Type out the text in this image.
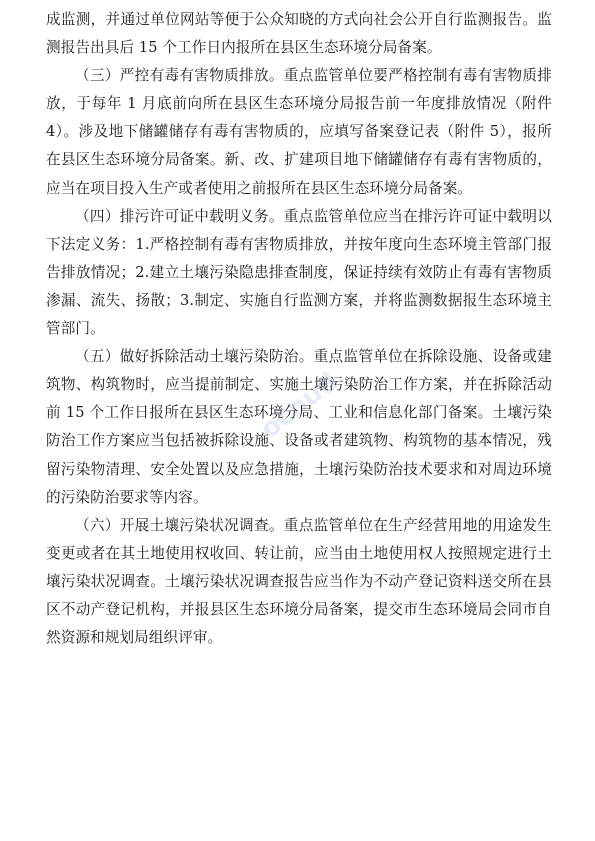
成监测，并通过单位网站等便于公众知晓的方式向社会公开自行监测报告。监测报告出具后 15 个工作日内报所在县区生态环境分局备案。

（三）严控有毒有害物质排放。重点监管单位要严格控制有毒有害物质排放，于每年 1 月底前向所在县区生态环境分局报告前一年度排放情况（附件 4）。涉及地下储罐储存有毒有害物质的，应填写备案登记表（附件 5），报所在县区生态环境分局备案。新、改、扩建项目地下储罐储存有毒有害物质的，应当在项目投入生产或者使用之前报所在县区生态环境分局备案。

（四）排污许可证中载明义务。重点监管单位应当在排污许可证中载明以下法定义务：1.严格控制有毒有害物质排放，并按年度向生态环境主管部门报告排放情况；2.建立土壤污染隐患排查制度，保证持续有效防止有毒有害物质渗漏、流失、扬散；3.制定、实施自行监测方案，并将监测数据报生态环境主管部门。

（五）做好拆除活动土壤污染防治。重点监管单位在拆除设施、设备或建筑物、构筑物时，应当提前制定、实施土壤污染防治工作方案，并在拆除活动前 15 个工作日报所在县区生态环境分局、工业和信息化部门备案。土壤污染防治工作方案应当包括被拆除设施、设备或者建筑物、构筑物的基本情况，残留污染物清理、安全处置以及应急措施，土壤污染防治技术要求和对周边环境的污染防治要求等内容。

（六）开展土壤污染状况调查。重点监管单位在生产经营用地的用途发生变更或者在其土地使用权收回、转让前，应当由土地使用权人按照规定进行土壤污染状况调查。土壤污染状况调查报告应当作为不动产登记资料送交所在县区不动产登记机构，并报县区生态环境分局备案，提交市生态环境局会同市自然资源和规划局组织评审。

ocnud
